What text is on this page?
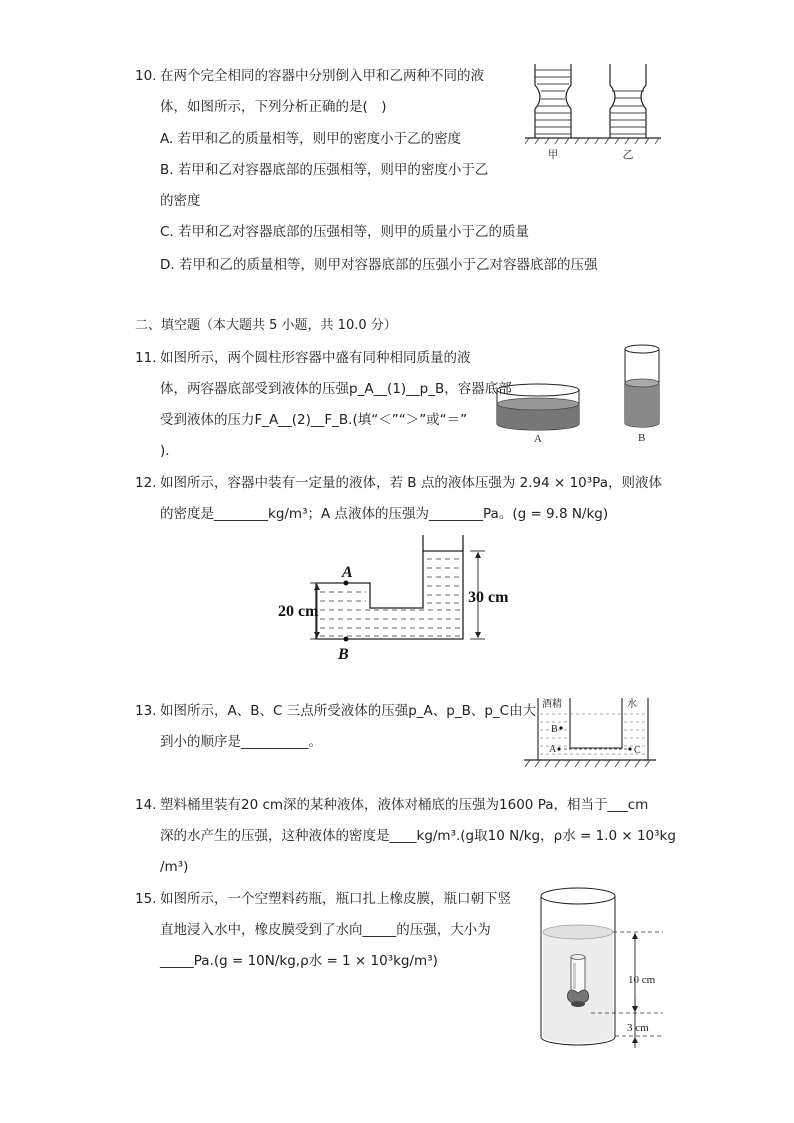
10. 在两个完全相同的容器中分别倒入甲和乙两种不同的液
体，如图所示，下列分析正确的是(　)
A. 若甲和乙的质量相等，则甲的密度小于乙的密度
B. 若甲和乙对容器底部的压强相等，则甲的密度小于乙
的密度
C. 若甲和乙对容器底部的压强相等，则甲的质量小于乙的质量
D. 若甲和乙的质量相等，则甲对容器底部的压强小于乙对容器底部的压强
甲	乙
二、填空题（本大题共 5 小题，共 10.0 分）
11. 如图所示，两个圆柱形容器中盛有同种相同质量的液
体，两容器底部受到液体的压强p_A__(1)__p_B，容器底部
受到液体的压力F_A__(2)__F_B.(填“＜”“＞”或“＝”
)．
A	B
12. 如图所示，容器中装有一定量的液体，若 B 点的液体压强为 2.94 × 10³Pa，则液体
的密度是________kg/m³；A 点液体的压强为________Pa。(g = 9.8 N/kg)
A
B
20 cm
30 cm
13. 如图所示，A、B、C 三点所受液体的压强p_A、p_B、p_C由大
到小的顺序是__________。
酒精	水
B
A	C
14. 塑料桶里装有20 cm深的某种液体，液体对桶底的压强为1600 Pa，相当于___cm
深的水产生的压强，这种液体的密度是____kg/m³.(g取10 N/kg，ρ水 = 1.0 × 10³kg
/m³)
15. 如图所示，一个空塑料药瓶，瓶口扎上橡皮膜，瓶口朝下竖
直地浸入水中，橡皮膜受到了水向_____的压强，大小为
_____Pa.(g = 10N/kg,ρ水 = 1 × 10³kg/m³)
10 cm
3 cm
